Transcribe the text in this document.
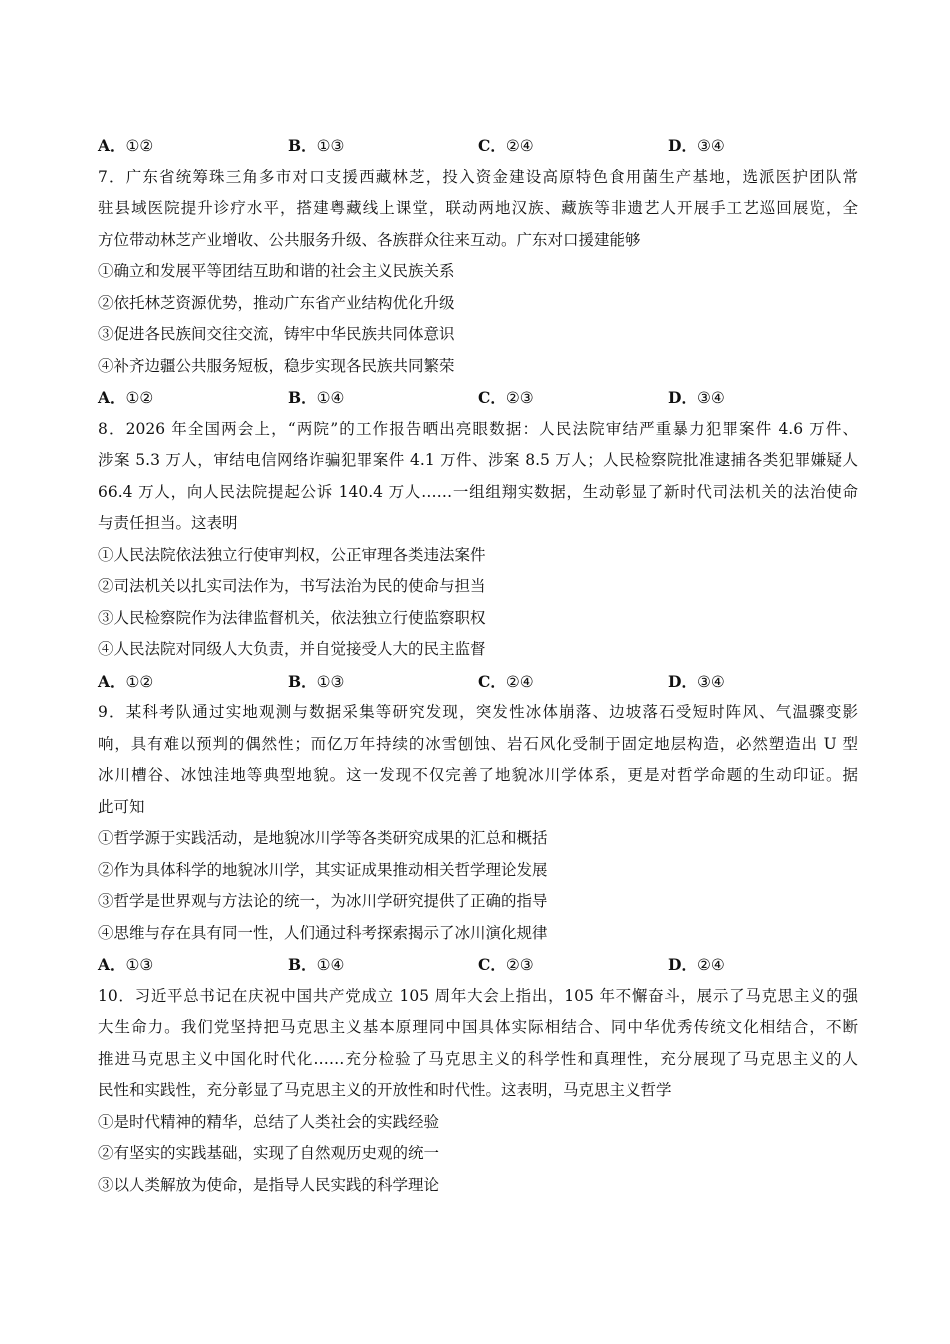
A．①②	B．①③	C．②④	D．③④
7．广东省统筹珠三角多市对口支援西藏林芝，投入资金建设高原特色食用菌生产基地，选派医护团队常
驻县域医院提升诊疗水平，搭建粤藏线上课堂，联动两地汉族、藏族等非遗艺人开展手工艺巡回展览，全
方位带动林芝产业增收、公共服务升级、各族群众往来互动。广东对口援建能够
①确立和发展平等团结互助和谐的社会主义民族关系
②依托林芝资源优势，推动广东省产业结构优化升级
③促进各民族间交往交流，铸牢中华民族共同体意识
④补齐边疆公共服务短板，稳步实现各民族共同繁荣
A．①②	B．①④	C．②③	D．③④
8．2026 年全国两会上，“两院”的工作报告晒出亮眼数据：人民法院审结严重暴力犯罪案件 4.6 万件、
涉案 5.3 万人，审结电信网络诈骗犯罪案件 4.1 万件、涉案 8.5 万人；人民检察院批准逮捕各类犯罪嫌疑人
66.4 万人，向人民法院提起公诉 140.4 万人……一组组翔实数据，生动彰显了新时代司法机关的法治使命
与责任担当。这表明
①人民法院依法独立行使审判权，公正审理各类违法案件
②司法机关以扎实司法作为，书写法治为民的使命与担当
③人民检察院作为法律监督机关，依法独立行使监察职权
④人民法院对同级人大负责，并自觉接受人大的民主监督
A．①②	B．①③	C．②④	D．③④
9．某科考队通过实地观测与数据采集等研究发现，突发性冰体崩落、边坡落石受短时阵风、气温骤变影
响，具有难以预判的偶然性；而亿万年持续的冰雪刨蚀、岩石风化受制于固定地层构造，必然塑造出 U 型
冰川槽谷、冰蚀洼地等典型地貌。这一发现不仅完善了地貌冰川学体系，更是对哲学命题的生动印证。据
此可知
①哲学源于实践活动，是地貌冰川学等各类研究成果的汇总和概括
②作为具体科学的地貌冰川学，其实证成果推动相关哲学理论发展
③哲学是世界观与方法论的统一，为冰川学研究提供了正确的指导
④思维与存在具有同一性，人们通过科考探索揭示了冰川演化规律
A．①③	B．①④	C．②③	D．②④
10．习近平总书记在庆祝中国共产党成立 105 周年大会上指出，105 年不懈奋斗，展示了马克思主义的强
大生命力。我们党坚持把马克思主义基本原理同中国具体实际相结合、同中华优秀传统文化相结合，不断
推进马克思主义中国化时代化……充分检验了马克思主义的科学性和真理性，充分展现了马克思主义的人
民性和实践性，充分彰显了马克思主义的开放性和时代性。这表明，马克思主义哲学
①是时代精神的精华，总结了人类社会的实践经验
②有坚实的实践基础，实现了自然观历史观的统一
③以人类解放为使命，是指导人民实践的科学理论
